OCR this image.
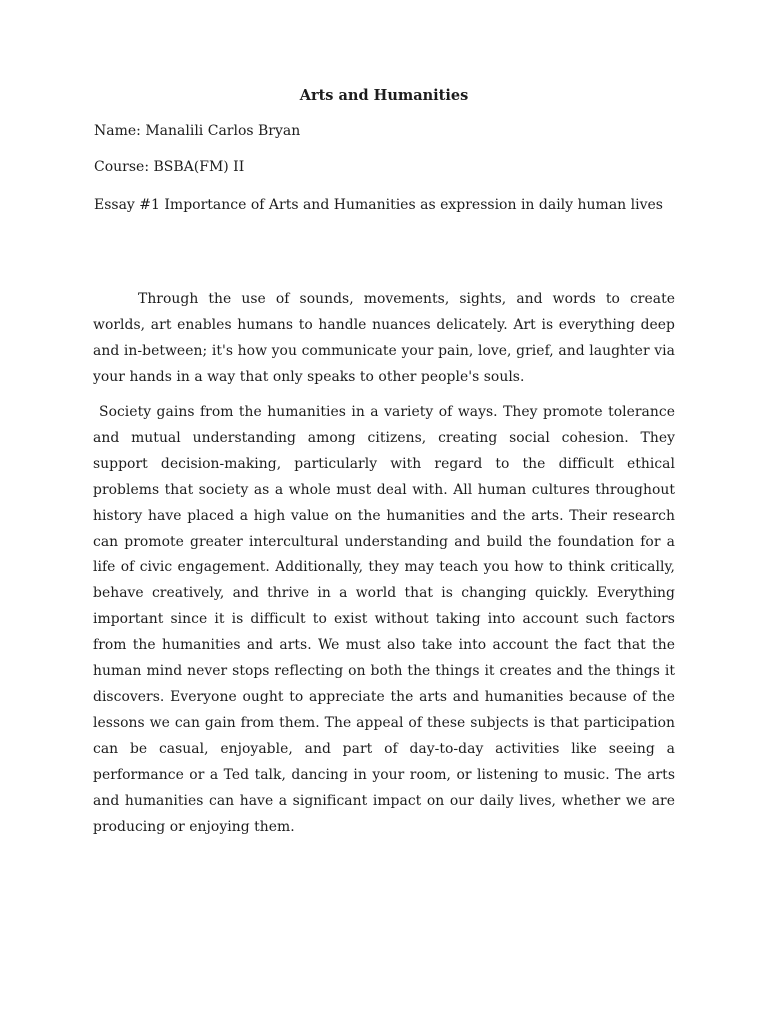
Arts and Humanities

Name: Manalili Carlos Bryan

Course: BSBA(FM) II

Essay #1 Importance of Arts and Humanities as expression in daily human lives

Through the use of sounds, movements, sights, and words to create worlds, art enables humans to handle nuances delicately. Art is everything deep and in-between; it's how you communicate your pain, love, grief, and laughter via your hands in a way that only speaks to other people's souls.

Society gains from the humanities in a variety of ways. They promote tolerance and mutual understanding among citizens, creating social cohesion. They support decision-making, particularly with regard to the difficult ethical problems that society as a whole must deal with. All human cultures throughout history have placed a high value on the humanities and the arts. Their research can promote greater intercultural understanding and build the foundation for a life of civic engagement. Additionally, they may teach you how to think critically, behave creatively, and thrive in a world that is changing quickly. Everything important since it is difficult to exist without taking into account such factors from the humanities and arts. We must also take into account the fact that the human mind never stops reflecting on both the things it creates and the things it discovers. Everyone ought to appreciate the arts and humanities because of the lessons we can gain from them. The appeal of these subjects is that participation can be casual, enjoyable, and part of day-to-day activities like seeing a performance or a Ted talk, dancing in your room, or listening to music. The arts and humanities can have a significant impact on our daily lives, whether we are producing or enjoying them.
